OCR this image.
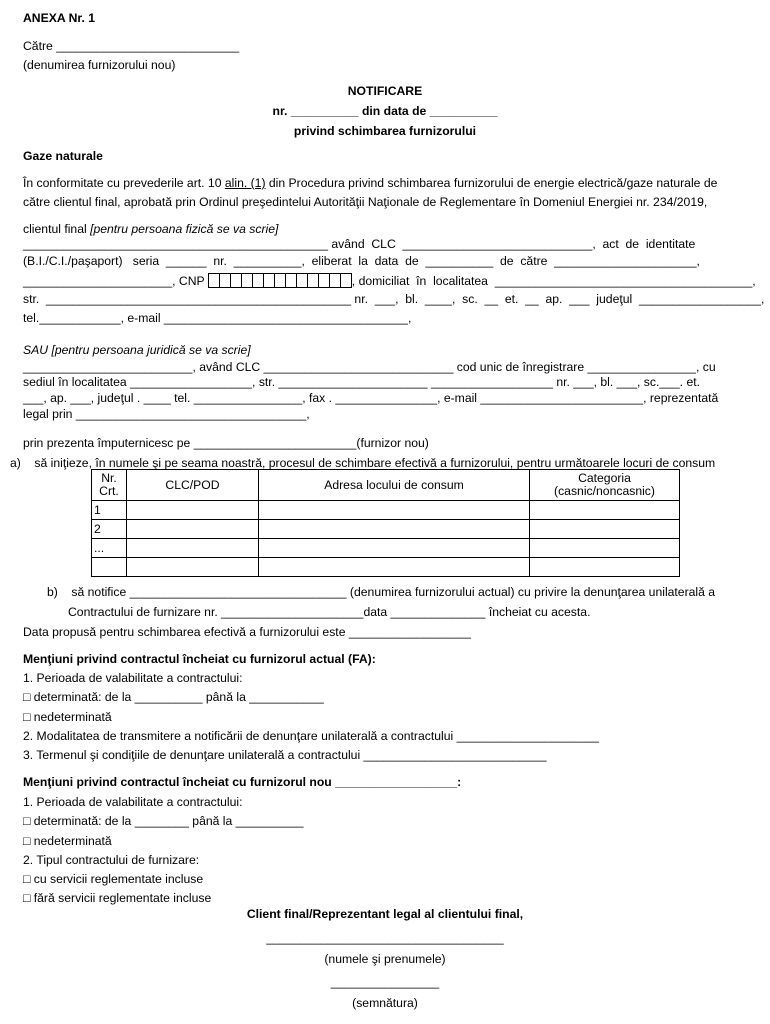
ANEXA Nr. 1
Către ___________________________
(denumirea furnizorului nou)
NOTIFICARE
nr. __________ din data de __________
privind schimbarea furnizorului
Gaze naturale
În conformitate cu prevederile art. 10 alin. (1) din Procedura privind schimbarea furnizorului de energie electrică/gaze naturale de
către clientul final, aprobată prin Ordinul preşedintelui Autorităţii Naţionale de Reglementare în Domeniul Energiei nr. 234/2019,
clientul final [pentru persoana fizică se va scrie]
_____________________________________________ având  CLC  ____________________________,  act  de  identitate
(B.I./C.I./paşaport)   seria  ______  nr.  __________,  eliberat  la  data  de  __________  de  către  _____________________,
______________________, CNP	, domiciliat  în  localitatea  ______________________________________,
str.  _____________________________________________ nr.  ___,  bl.  ____,  sc.  __  et.  __  ap.  ___  judeţul  __________________,
tel.____________, e-mail ____________________________________,
SAU [pentru persoana juridică se va scrie]
_________________________, având CLC ____________________________ cod unic de înregistrare ________________, cu
sediul în localitatea __________________, str. ______________________ __________________ nr. ___, bl. ___, sc.___. et.
___, ap. ___, judeţul . ____ tel. ________________, fax . _______________, e-mail ________________________, reprezentată
legal prin __________________________________,
prin prezenta împuternicesc pe ________________________(furnizor nou)
a)    să iniţieze, în numele şi pe seama noastră, procesul de schimbare efectivă a furnizorului, pentru următoarele locuri de consum
Nr.
Crt.	CLC/POD	Adresa locului de consum	Categoria
(casnic/noncasnic)
1			
2			
...			

b)    să notifice ________________________________ (denumirea furnizorului actual) cu privire la denunţarea unilaterală a
Contractului de furnizare nr. _____________________data ______________ încheiat cu acesta.
Data propusă pentru schimbarea efectivă a furnizorului este __________________
Menţiuni privind contractul încheiat cu furnizorul actual (FA):
1. Perioada de valabilitate a contractului:
□ determinată: de la __________ până la ___________
□ nedeterminată
2. Modalitatea de transmitere a notificării de denunţare unilaterală a contractului _____________________
3. Termenul şi condiţiile de denunţare unilaterală a contractului ___________________________
Menţiuni privind contractul încheiat cu furnizorul nou __________________:
1. Perioada de valabilitate a contractului:
□ determinată: de la ________ până la __________
□ nedeterminată
2. Tipul contractului de furnizare:
□ cu servicii reglementate incluse
□ fără servicii reglementate incluse
Client final/Reprezentant legal al clientului final,
___________________________________
(numele şi prenumele)
________________
(semnătura)
